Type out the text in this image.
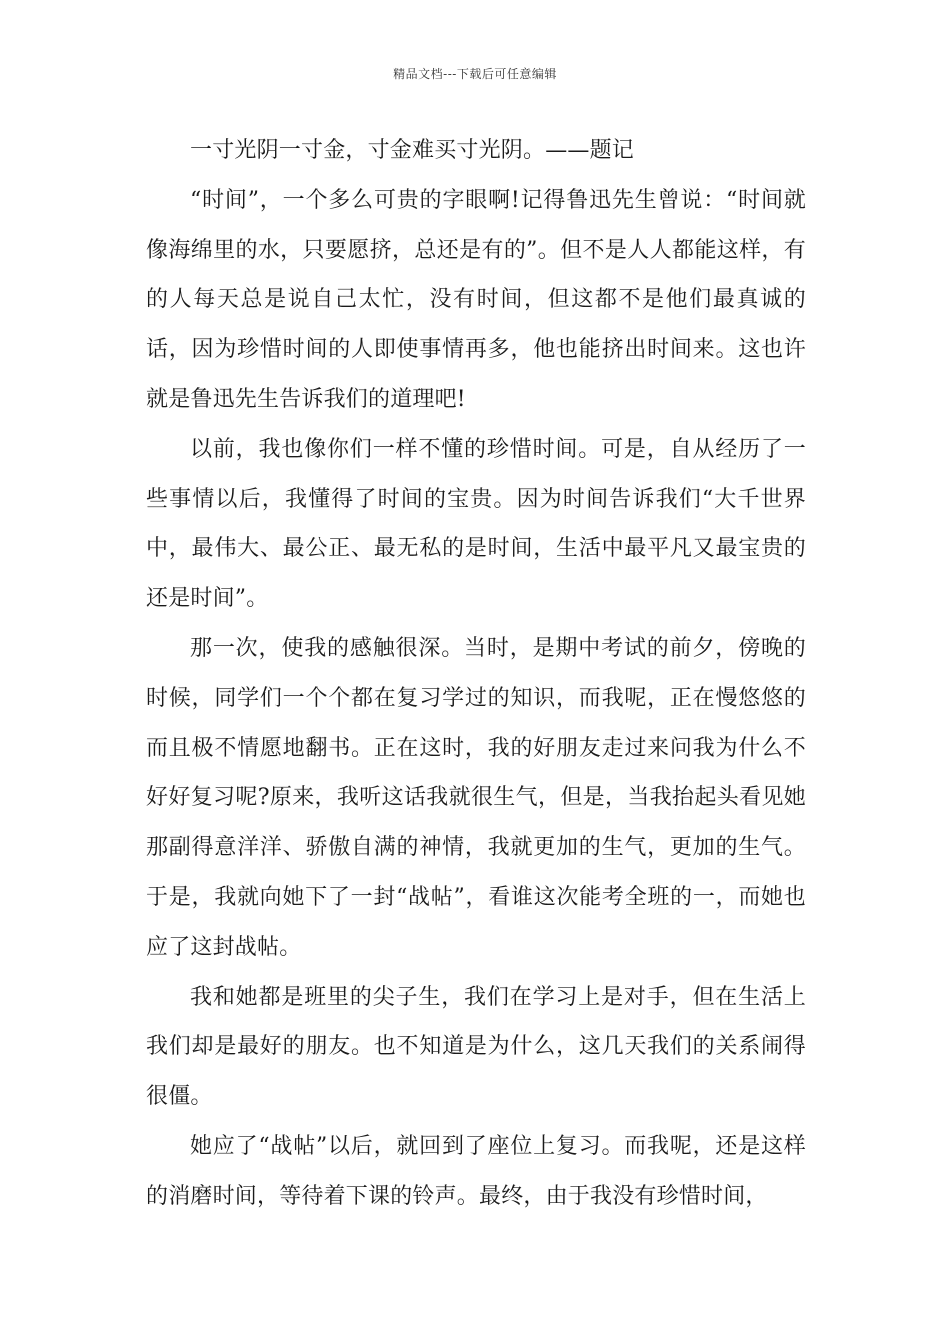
精品文档---下载后可任意编辑

一寸光阴一寸金，寸金难买寸光阴。——题记

“时间”，一个多么可贵的字眼啊!记得鲁迅先生曾说：“时间就像海绵里的水，只要愿挤，总还是有的”。但不是人人都能这样，有的人每天总是说自己太忙，没有时间，但这都不是他们最真诚的话，因为珍惜时间的人即使事情再多，他也能挤出时间来。这也许就是鲁迅先生告诉我们的道理吧!

以前，我也像你们一样不懂的珍惜时间。可是，自从经历了一些事情以后，我懂得了时间的宝贵。因为时间告诉我们“大千世界中，最伟大、最公正、最无私的是时间，生活中最平凡又最宝贵的还是时间”。

那一次，使我的感触很深。当时，是期中考试的前夕，傍晚的时候，同学们一个个都在复习学过的知识，而我呢，正在慢悠悠的而且极不情愿地翻书。正在这时，我的好朋友走过来问我为什么不好好复习呢?原来，我听这话我就很生气，但是，当我抬起头看见她那副得意洋洋、骄傲自满的神情，我就更加的生气，更加的生气。于是，我就向她下了一封“战帖”，看谁这次能考全班的一，而她也应了这封战帖。

我和她都是班里的尖子生，我们在学习上是对手，但在生活上我们却是最好的朋友。也不知道是为什么，这几天我们的关系闹得很僵。

她应了“战帖”以后，就回到了座位上复习。而我呢，还是这样的消磨时间，等待着下课的铃声。最终，由于我没有珍惜时间，
